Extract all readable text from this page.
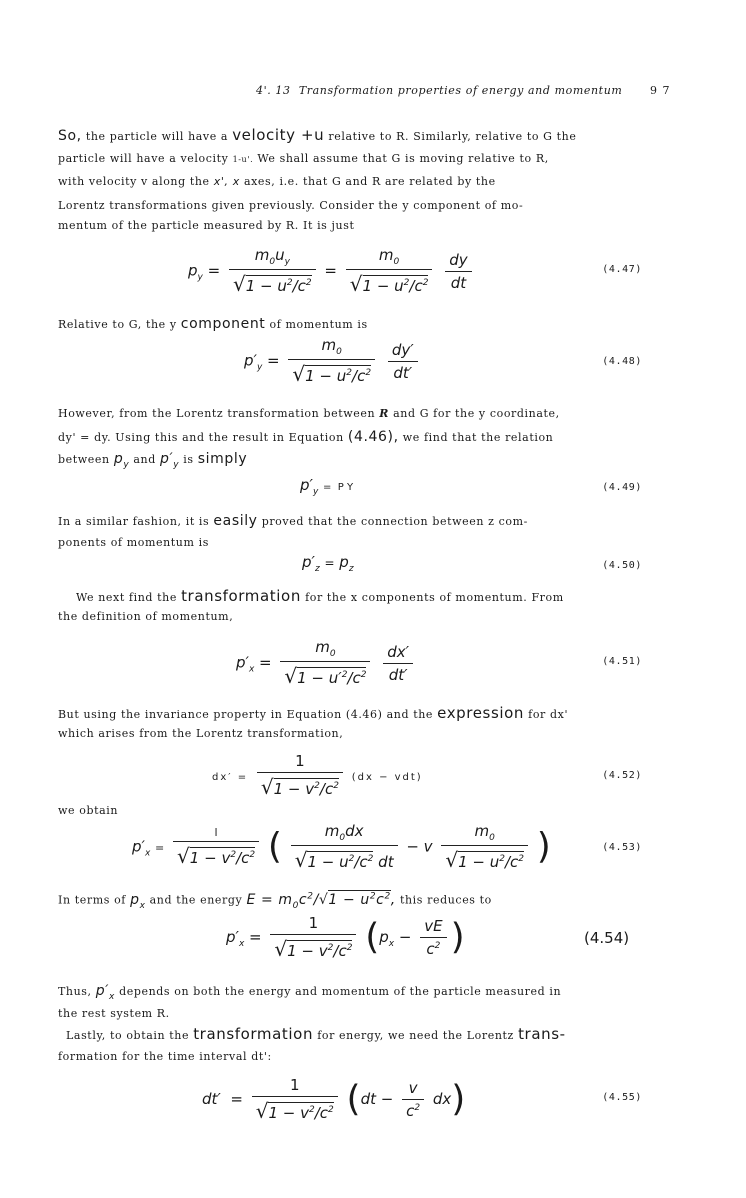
4'. 13 Transformation properties of energy and momentum	9 7
So, the particle will have a velocity +u relative to R. Similarly, relative to G the
particle will have a velocity 1-u'. We shall assume that G is moving relative to R,
with velocity v along the x', x axes, i.e. that G and R are related by the
Lorentz transformations given previously. Consider the y component of mo-
mentum of the particle measured by R. It is just
$p_y = \frac{m_0u_y}{√1 - u^2/c^2} = \frac{m_0}{√1 - u^2/c^2}$
$\frac{dy}{dt}$	(4.47)
Relative to G, the y component of momentum is
$p'_y = \frac{m_0}{√1 - u^2/c^2}$
$\frac{dy'}{dt'}$	(4.48)
However, from the Lorentz transformation between R and G for the y coordinate,
dy' = dy. Using this and the result in Equation (4.46), we find that the relation
between $p_y$ and $p'_y$ is simply
$p'_y = P$ Y	(4.49)
In a similar fashion, it is easily proved that the connection between z com-
ponents of momentum is
$p'_z = p_z$	(4.50)
We next find the transformation for the x components of momentum. From
the definition of momentum,
$p'_x = \frac{m_0}{√1 - u'^2/c^2}$
$\frac{dx'}{dt'}$	(4.51)
But using the invariance property in Equation (4.46) and the expression for dx'
which arises from the Lorentz transformation,
$dx' = \frac{1}{√1 - v^2/c^2} (dx - vdt)$	(4.52)
we obtain
$p'_x = \frac{l}{√1 - v^2/c^2}$ ( $\frac{m_0dx}{√1 - u^2/c^2 dt} - v \frac{m_0}{√1 - u^2/c^2}$ )	(4.53)
In terms of $p_x$ and the energy $E = m_0c^2/√1 - u^2c^2$, this reduces to
$p'_x = \frac{1}{√1 - v^2/c^2} (p_x - \frac{vE}{c^2}$ )	(4.54)
Thus, $p'_x$ depends on both the energy and momentum of the particle measured in
the rest system R.
Lastly, to obtain the transformation for energy, we need the Lorentz trans-
formation for the time interval dt':
$dt' = \frac{1}{√1 - v^2/c^2} (dt - \frac{v}{c^2} dx)$	(4.55)
